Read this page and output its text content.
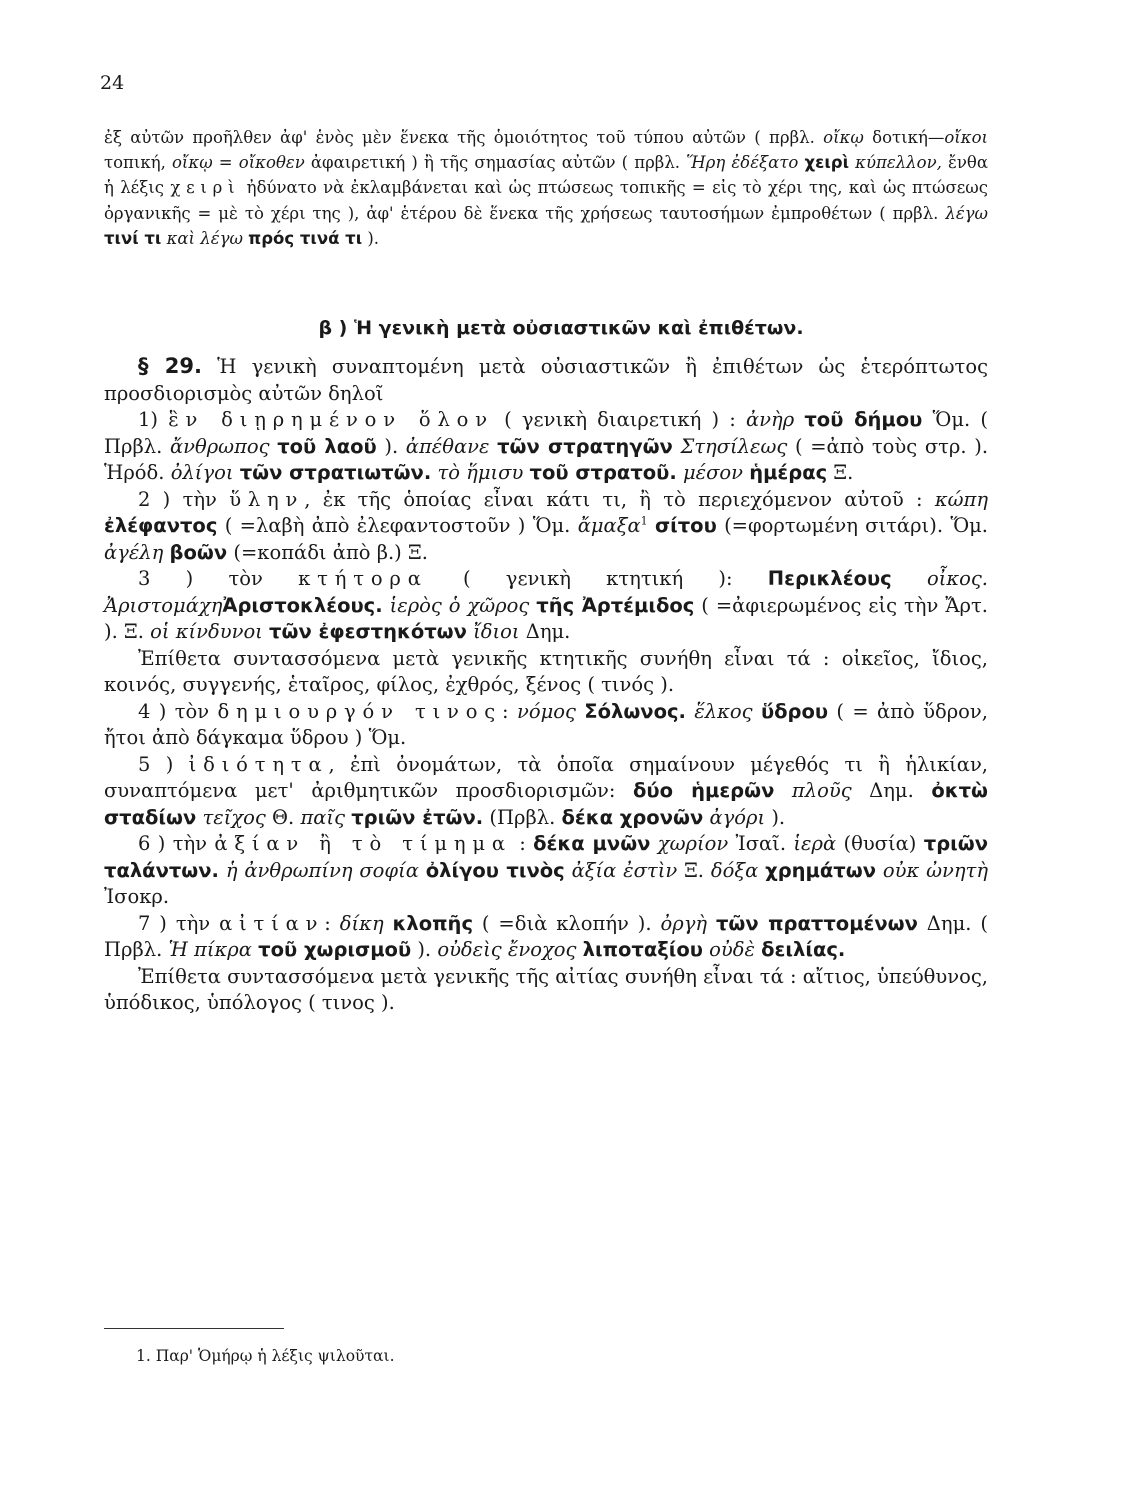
24

ἐξ αὐτῶν προῆλθεν ἀφ' ἑνὸς μὲν ἕνεκα τῆς ὁμοιότητος τοῦ τύπου αὐτῶν ( πρβλ. οἴκῳ δοτική—οἴκοι τοπική, οἴκῳ = οἴκοθεν ἀφαιρετική ) ἢ τῆς σημασίας αὐτῶν ( πρβλ. Ἥρη ἐδέξατο χειρὶ κύπελλον, ἔνθα ἡ λέξις χειρὶ ἠδύνατο νὰ ἐκλαμβάνεται καὶ ὡς πτώσεως τοπικῆς = εἰς τὸ χέρι της, καὶ ὡς πτώσεως ὀργανικῆς = μὲ τὸ χέρι της ), ἀφ' ἑτέρου δὲ ἕνεκα τῆς χρήσεως ταυτοσήμων ἐμπροθέτων ( πρβλ. λέγω τινί τι καὶ λέγω πρός τινά τι ).

β ) Ἡ γενικὴ μετὰ οὐσιαστικῶν καὶ ἐπιθέτων.

§ 29. Ἡ γενικὴ συναπτομένη μετὰ οὐσιαστικῶν ἢ ἐπιθέτων ὡς ἑτερόπτωτος προσδιορισμὸς αὐτῶν δηλοῖ

1) ἓν διῃρημένον ὅλον ( γενικὴ διαιρετική ) : ἀνὴρ τοῦ δήμου Ὅμ. ( Πρβλ. ἄνθρωπος τοῦ λαοῦ ). ἀπέθανε τῶν στρατηγῶν Στησίλεως ( =ἀπὸ τοὺς στρ. ). Ἡρόδ. ὀλίγοι τῶν στρατιωτῶν. τὸ ἥμισυ τοῦ στρατοῦ. μέσον ἡμέρας Ξ.

2 ) τὴν ὕλην, ἐκ τῆς ὁποίας εἶναι κάτι τι, ἢ τὸ περιεχόμενον αὐτοῦ : κώπη ἐλέφαντος ( =λαβὴ ἀπὸ ἐλεφαντοστοῦν ) Ὅμ. ἄμαξα$^1$ σίτου (=φορτωμένη σιτάρι). Ὅμ. ἀγέλη βοῶν (=κοπάδι ἀπὸ β.) Ξ.

3 ) τὸν κτήτορα ( γενικὴ κτητική ): Περικλέους οἶκος. ἈριστομάχηἈριστοκλέους. ἱερὸς ὁ χῶρος τῆς Ἀρτέμιδος ( =ἀφιερωμένος εἰς τὴν Ἄρτ. ). Ξ. οἱ κίνδυνοι τῶν ἐφεστηκότων ἴδιοι Δημ.

Ἐπίθετα συντασσόμενα μετὰ γενικῆς κτητικῆς συνήθη εἶναι τά : οἰκεῖος, ἴδιος, κοινός, συγγενής, ἑταῖρος, φίλος, ἐχθρός, ξένος ( τινός ).

4 ) τὸν δημιουργόν τινος: νόμος Σόλωνος. ἕλκος ὕδρου ( = ἀπὸ ὕδρον, ἤτοι ἀπὸ δάγκαμα ὕδρου ) Ὅμ.

5 ) ἰδιότητα, ἐπὶ ὀνομάτων, τὰ ὁποῖα σημαίνουν μέγεθός τι ἢ ἡλικίαν, συναπτόμενα μετ' ἀριθμητικῶν προσδιορισμῶν: δύο ἡμερῶν πλοῦς Δημ. ὀκτὼ σταδίων τεῖχος Θ. παῖς τριῶν ἐτῶν. (Πρβλ. δέκα χρονῶν ἀγόρι ).

6 ) τὴν ἀξίαν ἢ τὸ τίμημα : δέκα μνῶν χωρίον Ἰσαῖ. ἱερὰ (θυσία) τριῶν ταλάντων. ἡ ἀνθρωπίνη σοφία ὀλίγου τινὸς ἀξία ἐστὶν Ξ. δόξα χρημάτων οὐκ ὠνητὴ Ἰσοκρ.

7 ) τὴν αἰτίαν: δίκη κλοπῆς ( =διὰ κλοπήν ). ὀργὴ τῶν πραττομένων Δημ. ( Πρβλ. Ἡ πίκρα τοῦ χωρισμοῦ ). οὐδεὶς ἔνοχος λιποταξίου οὐδὲ δειλίας.

Ἐπίθετα συντασσόμενα μετὰ γενικῆς τῆς αἰτίας συνήθη εἶναι τά : αἴτιος, ὑπεύθυνος, ὑπόδικος, ὑπόλογος ( τινος ).

1. Παρ' Ὁμήρῳ ἡ λέξις ψιλοῦται.
